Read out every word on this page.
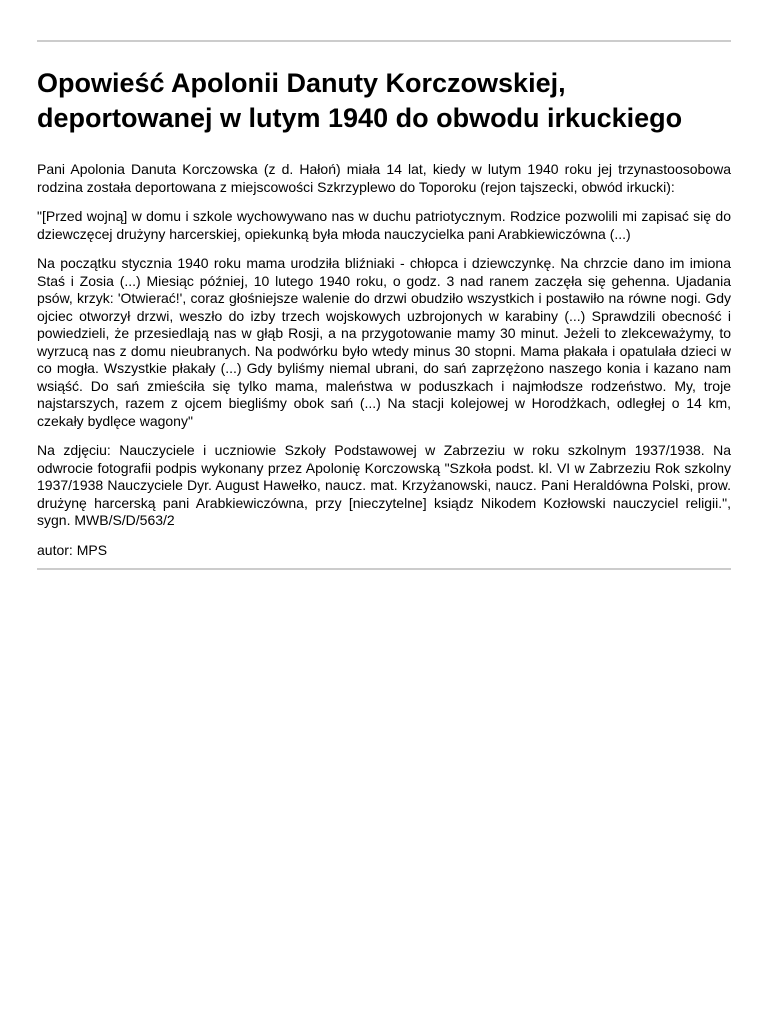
Opowieść Apolonii Danuty Korczowskiej,
deportowanej w lutym 1940 do obwodu irkuckiego

Pani Apolonia Danuta Korczowska (z d. Hałoń) miała 14 lat, kiedy w lutym 1940 roku jej trzynastoosobowa rodzina została deportowana z miejscowości Szkrzyplewo do Toporoku (rejon tajszecki, obwód irkucki):

"[Przed wojną] w domu i szkole wychowywano nas w duchu patriotycznym. Rodzice pozwolili mi zapisać się do dziewczęcej drużyny harcerskiej, opiekunką była młoda nauczycielka pani Arabkiewiczówna (...)

Na początku stycznia 1940 roku mama urodziła bliźniaki - chłopca i dziewczynkę. Na chrzcie dano im imiona Staś i Zosia (...) Miesiąc później, 10 lutego 1940 roku, o godz. 3 nad ranem zaczęła się gehenna. Ujadania psów, krzyk: 'Otwierać!', coraz głośniejsze walenie do drzwi obudziło wszystkich i postawiło na równe nogi. Gdy ojciec otworzył drzwi, weszło do izby trzech wojskowych uzbrojonych w karabiny (...) Sprawdzili obecność i powiedzieli, że przesiedlają nas w głąb Rosji, a na przygotowanie mamy 30 minut. Jeżeli to zlekceważymy, to wyrzucą nas z domu nieubranych. Na podwórku było wtedy minus 30 stopni. Mama płakała i opatulała dzieci w co mogła. Wszystkie płakały (...) Gdy byliśmy niemal ubrani, do sań zaprzężono naszego konia i kazano nam wsiąść. Do sań zmieściła się tylko mama, maleństwa w poduszkach i najmłodsze rodzeństwo. My, troje najstarszych, razem z ojcem biegliśmy obok sań (...) Na stacji kolejowej w Horodżkach, odległej o 14 km, czekały bydlęce wagony"

Na zdjęciu: Nauczyciele i uczniowie Szkoły Podstawowej w Zabrzeziu w roku szkolnym 1937/1938. Na odwrocie fotografii podpis wykonany przez Apolonię Korczowską "Szkoła podst. kl. VI w Zabrzeziu Rok szkolny 1937/1938 Nauczyciele Dyr. August Hawełko, naucz. mat. Krzyżanowski, naucz. Pani Heraldówna Polski, prow. drużynę harcerską pani Arabkiewiczówna, przy [nieczytelne] ksiądz Nikodem Kozłowski nauczyciel religii.", sygn. MWB/S/D/563/2

autor: MPS
